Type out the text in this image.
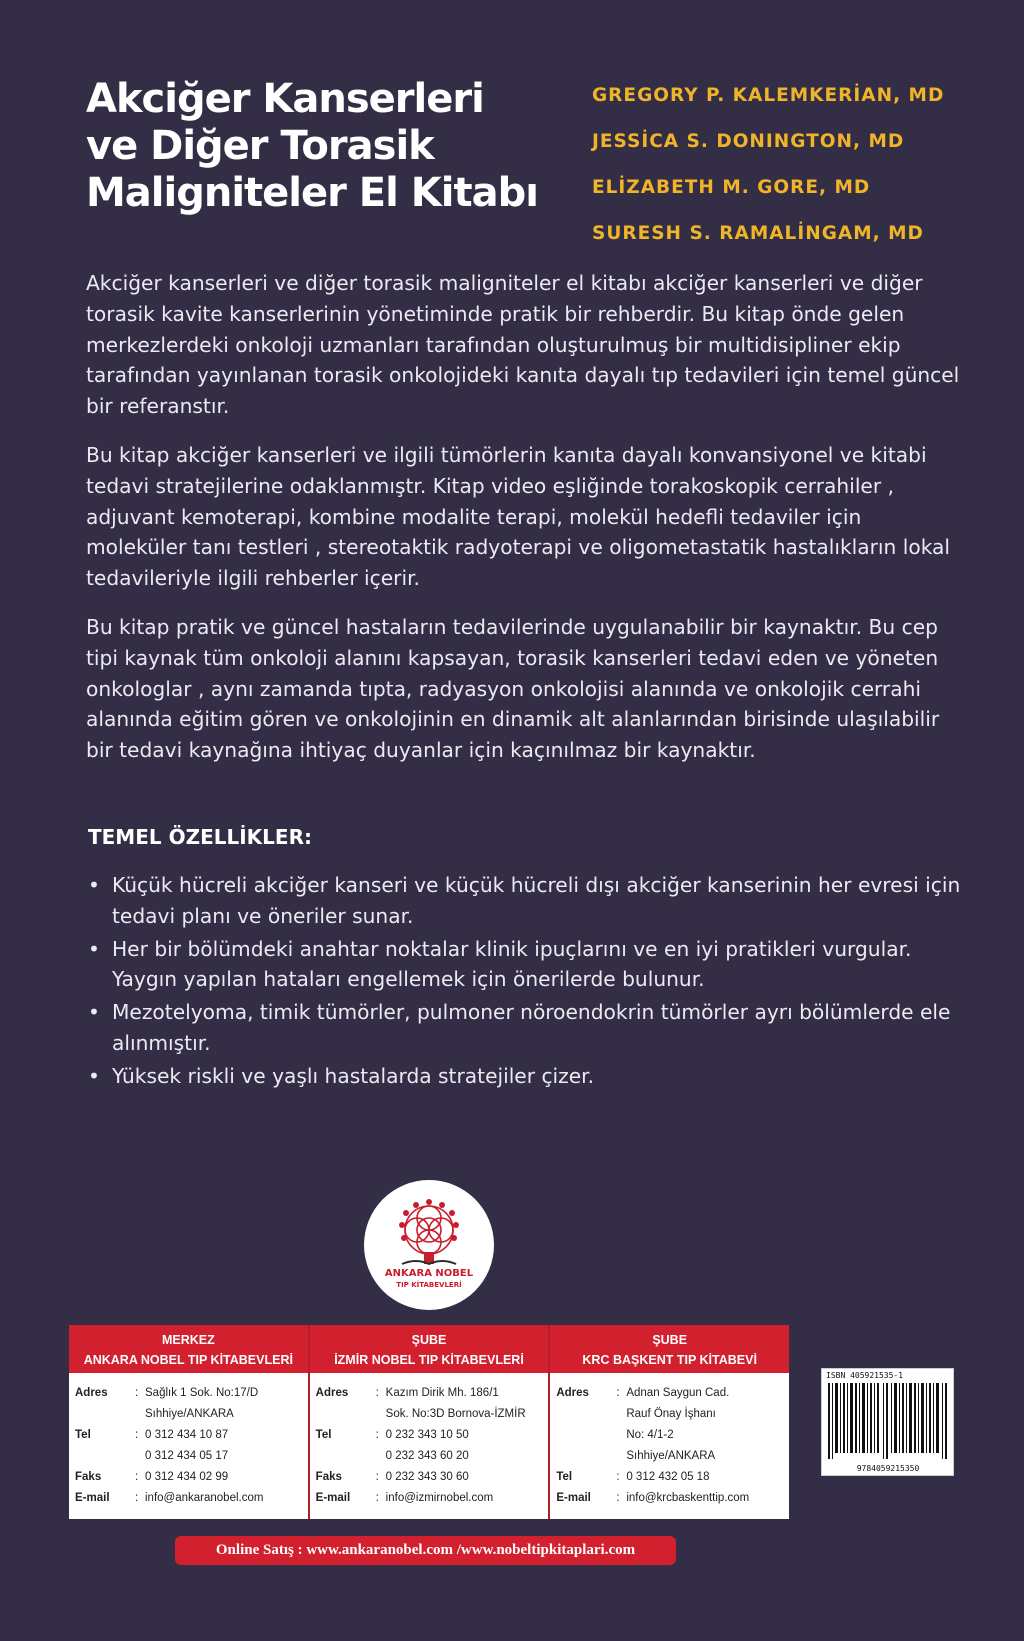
Akciğer Kanserleri
ve Diğer Torasik
Maligniteler El Kitabı
GREGORY P. KALEMKERİAN, MD
JESSİCA S. DONINGTON, MD
ELİZABETH M. GORE, MD
SURESH S. RAMALİNGAM, MD

Akciğer kanserleri ve diğer torasik maligniteler el kitabı akciğer kanserleri ve diğer torasik kavite kanserlerinin yönetiminde pratik bir rehberdir. Bu kitap önde gelen merkezlerdeki onkoloji uzmanları tarafından oluşturulmuş bir multidisipliner ekip tarafından yayınlanan torasik onkolojideki kanıta dayalı tıp tedavileri için temel güncel bir referanstır.

Bu kitap akciğer kanserleri ve ilgili tümörlerin kanıta dayalı konvansiyonel ve kitabi tedavi stratejilerine odaklanmıştr. Kitap video eşliğinde torakoskopik cerrahiler , adjuvant kemoterapi, kombine modalite terapi, molekül hedefli tedaviler için moleküler tanı testleri , stereotaktik radyoterapi ve oligometastatik hastalıkların lokal tedavileriyle ilgili rehberler içerir.

Bu kitap pratik ve güncel hastaların tedavilerinde uygulanabilir bir kaynaktır. Bu cep tipi kaynak tüm onkoloji alanını kapsayan, torasik kanserleri tedavi eden ve yöneten onkologlar , aynı zamanda tıpta, radyasyon onkolojisi alanında ve onkolojik cerrahi alanında eğitim gören ve onkolojinin en dinamik alt alanlarından birisinde ulaşılabilir bir tedavi kaynağına ihtiyaç duyanlar için kaçınılmaz bir kaynaktır.

TEMEL ÖZELLİKLER:
• Küçük hücreli akciğer kanseri ve küçük hücreli dışı akciğer kanserinin her evresi için tedavi planı ve öneriler sunar.
• Her bir bölümdeki anahtar noktalar klinik ipuçlarını ve en iyi pratikleri vurgular. Yaygın yapılan hataları engellemek için önerilerde bulunur.
• Mezotelyoma, timik tümörler, pulmoner nöroendokrin tümörler ayrı bölümlerde ele alınmıştır.
• Yüksek riskli ve yaşlı hastalarda stratejiler çizer.
ANKARA NOBEL
TIP KİTABEVLERİ
MERKEZ
ANKARA NOBEL TIP KİTABEVLERİ
Adres	: Sağlık 1 Sok. No:17/D
Sıhhiye/ANKARA
Tel	: 0 312 434 10 87
0 312 434 05 17
Faks	: 0 312 434 02 99
E-mail	: info@ankaranobel.com
ŞUBE
İZMİR NOBEL TIP KİTABEVLERİ
Adres	: Kazım Dirik Mh. 186/1
Sok. No:3D Bornova-İZMİR
Tel	: 0 232 343 10 50
0 232 343 60 20
Faks	: 0 232 343 30 60
E-mail	: info@izmirnobel.com
ŞUBE
KRC BAŞKENT TIP KİTABEVİ
Adres	: Adnan Saygun Cad.
Rauf Önay İşhanı
No: 4/1-2
Sıhhiye/ANKARA
Tel	: 0 312 432 05 18
E-mail	: info@krcbaskenttip.com
ISBN 405921535-1
9784059215350
Online Satış : www.ankaranobel.com /www.nobeltipkitaplari.com
